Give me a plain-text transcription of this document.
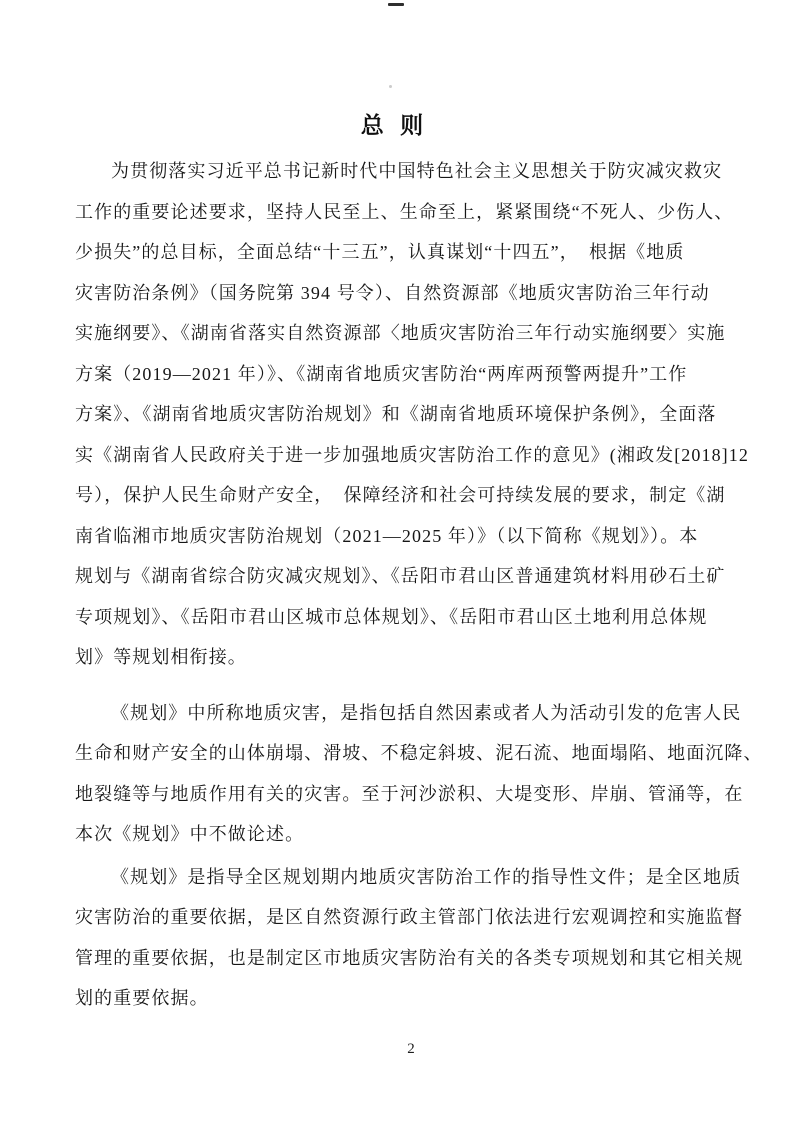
总 则

为贯彻落实习近平总书记新时代中国特色社会主义思想关于防灾减灾救灾
工作的重要论述要求，坚持人民至上、生命至上，紧紧围绕“不死人、少伤人、
少损失”的总目标，全面总结“十三五”，认真谋划“十四五”，　根据《地质
灾害防治条例》（国务院第 394 号令）、自然资源部《地质灾害防治三年行动
实施纲要》、《湖南省落实自然资源部〈地质灾害防治三年行动实施纲要〉实施
方案（2019—2021 年）》、《湖南省地质灾害防治“两库两预警两提升”工作
方案》、《湖南省地质灾害防治规划》和《湖南省地质环境保护条例》，全面落
实《湖南省人民政府关于进一步加强地质灾害防治工作的意见》(湘政发[2018]12
号），保护人民生命财产安全，　保障经济和社会可持续发展的要求，制定《湖
南省临湘市地质灾害防治规划（2021—2025 年）》（以下简称《规划》）。本
规划与《湖南省综合防灾减灾规划》、《岳阳市君山区普通建筑材料用砂石土矿
专项规划》、《岳阳市君山区城市总体规划》、《岳阳市君山区土地利用总体规
划》等规划相衔接。

《规划》中所称地质灾害，是指包括自然因素或者人为活动引发的危害人民
生命和财产安全的山体崩塌、滑坡、不稳定斜坡、泥石流、地面塌陷、地面沉降、
地裂缝等与地质作用有关的灾害。至于河沙淤积、大堤变形、岸崩、管涌等，在
本次《规划》中不做论述。

《规划》是指导全区规划期内地质灾害防治工作的指导性文件；是全区地质
灾害防治的重要依据，是区自然资源行政主管部门依法进行宏观调控和实施监督
管理的重要依据，也是制定区市地质灾害防治有关的各类专项规划和其它相关规
划的重要依据。

2
